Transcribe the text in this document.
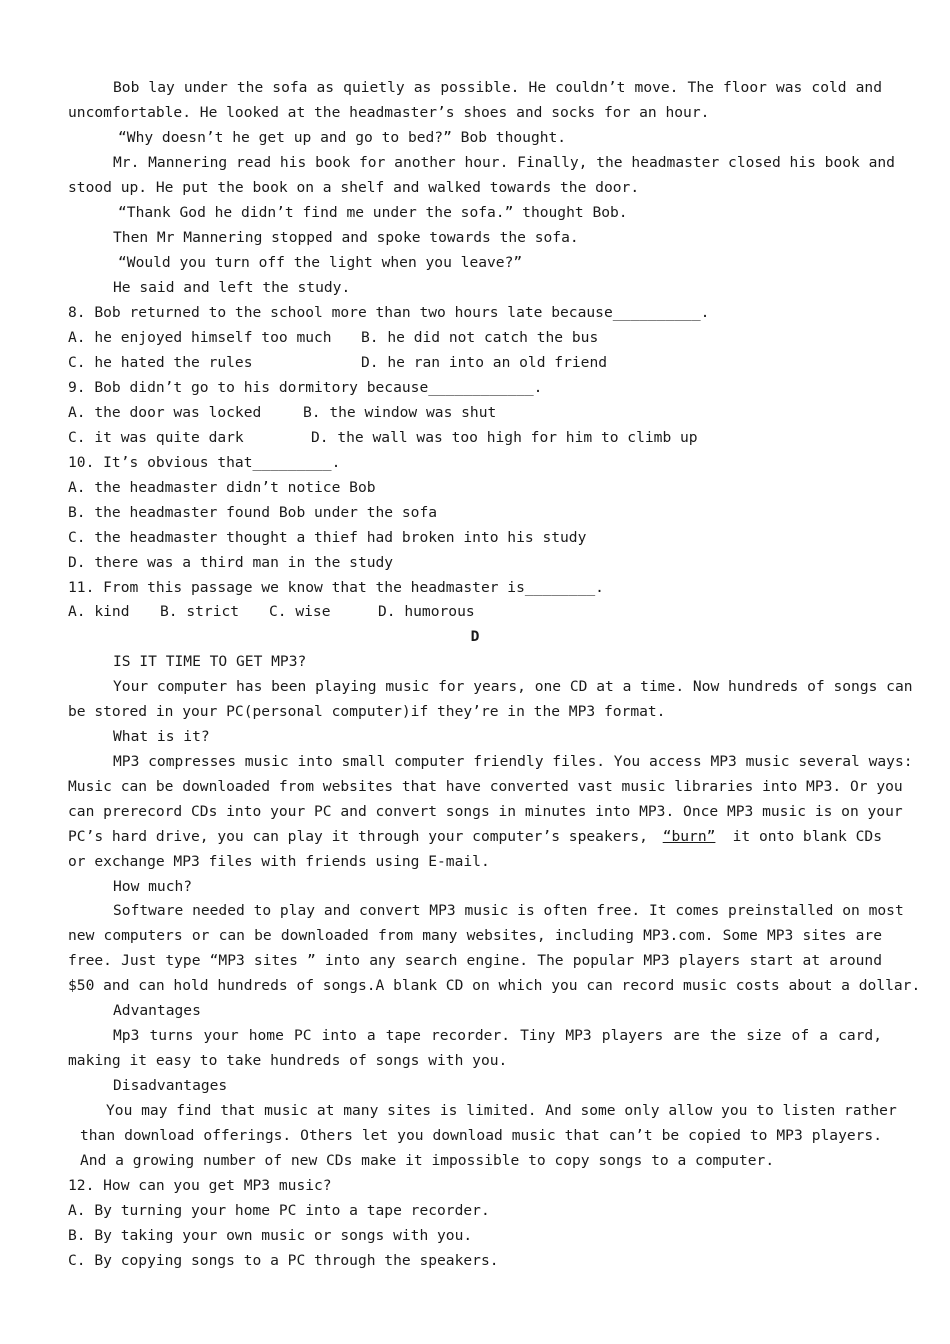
Bob lay under the sofa as quietly as possible. He couldn’t move. The floor was cold and
uncomfortable. He looked at the headmaster’s shoes and socks for an hour.
“Why doesn’t he get up and go to bed?” Bob thought.
Mr. Mannering read his book for another hour. Finally, the headmaster closed his book and
stood up. He put the book on a shelf and walked towards the door.
“Thank God he didn’t find me under the sofa.” thought Bob.
Then Mr Mannering stopped and spoke towards the sofa.
“Would you turn off the light when you leave?”
He said and left the study.
8. Bob returned to the school more than two hours late because__________.
A. he enjoyed himself too much	B. he did not catch the bus
C. he hated the rules	D. he ran into an old friend
9. Bob didn’t go to his dormitory because____________.
A. the door was locked	B. the window was shut
C. it was quite dark	D. the wall was too high for him to climb up
10. It’s obvious that_________.
A. the headmaster didn’t notice Bob
B. the headmaster found Bob under the sofa
C. the headmaster thought a thief had broken into his study
D. there was a third man in the study
11. From this passage we know that the headmaster is________.
A. kind	B. strict	C. wise	D. humorous
D
IS IT TIME TO GET MP3?
Your computer has been playing music for years, one CD at a time. Now hundreds of songs can
be stored in your PC(personal computer)if they’re in the MP3 format.
What is it?
MP3 compresses music into small computer friendly files. You access MP3 music several ways:
Music can be downloaded from websites that have converted vast music libraries into MP3. Or you
can prerecord CDs into your PC and convert songs in minutes into MP3. Once MP3 music is on your
PC’s hard drive, you can play it through your computer’s speakers, “burn” it onto blank CDs
or exchange MP3 files with friends using E-mail.
How much?
Software needed to play and convert MP3 music is often free. It comes preinstalled on most
new computers or can be downloaded from many websites, including MP3.com. Some MP3 sites are
free. Just type “MP3 sites ” into any search engine. The popular MP3 players start at around
$50 and can hold hundreds of songs.A blank CD on which you can record music costs about a dollar.
Advantages
Mp3 turns your home PC into a tape recorder. Tiny MP3 players are the size of a card,
making it easy to take hundreds of songs with you.
Disadvantages
You may find that music at many sites is limited. And some only allow you to listen rather
than download offerings. Others let you download music that can’t be copied to MP3 players.
And a growing number of new CDs make it impossible to copy songs to a computer.
12. How can you get MP3 music?
A. By turning your home PC into a tape recorder.
B. By taking your own music or songs with you.
C. By copying songs to a PC through the speakers.
